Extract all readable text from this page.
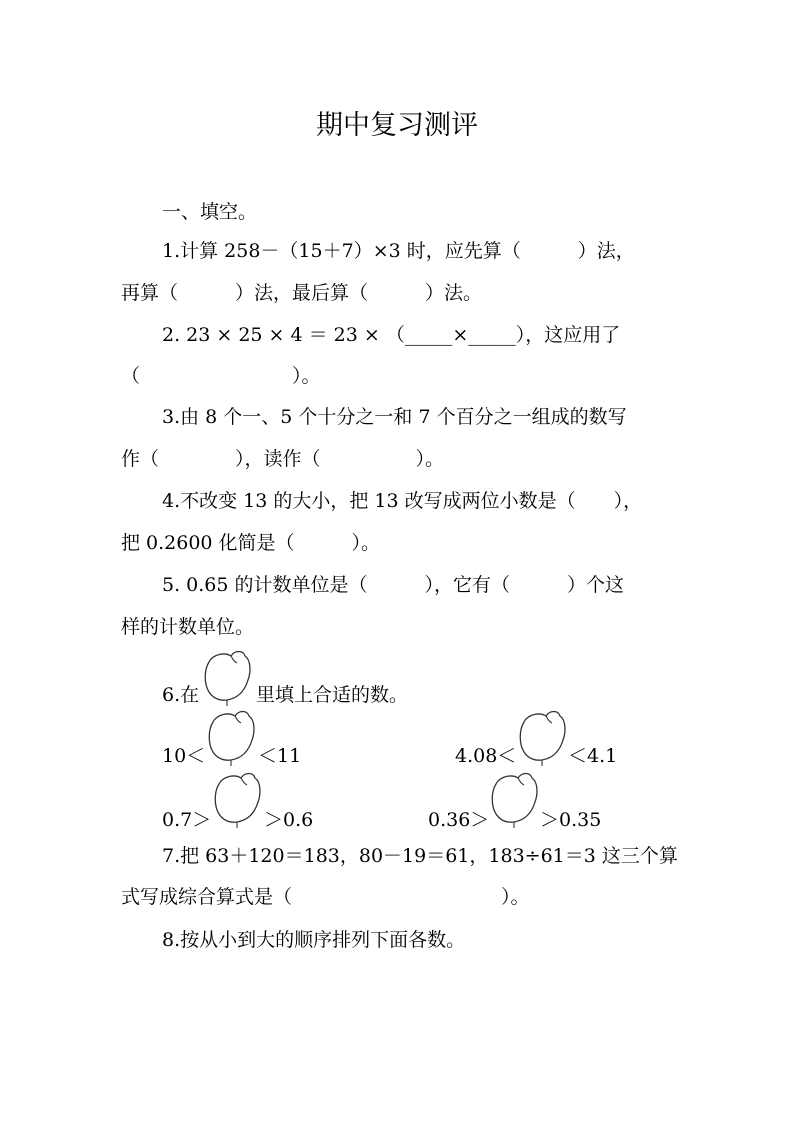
期中复习测评
一、填空。
1.计算 258－（15＋7）×3 时，应先算（　　　）法，
再算（　　　）法，最后算（　　　）法。
2. 23 × 25 × 4 ＝ 23 × （_____×_____），这应用了
（　　　　　　　　）。
3.由 8 个一、5 个十分之一和 7 个百分之一组成的数写
作（　　　　），读作（　　　　　）。
4.不改变 13 的大小，把 13 改写成两位小数是（　　），
把 0.2600 化简是（　　　）。
5. 0.65 的计数单位是（　　　），它有（　　　）个这
样的计数单位。
6.在	里填上合适的数。
10＜	＜11	4.08＜	＜4.1
0.7＞	＞0.6	0.36＞	＞0.35
7.把 63＋120＝183，80－19＝61，183÷61＝3 这三个算
式写成综合算式是（　　　　　　　　　　　）。
8.按从小到大的顺序排列下面各数。
